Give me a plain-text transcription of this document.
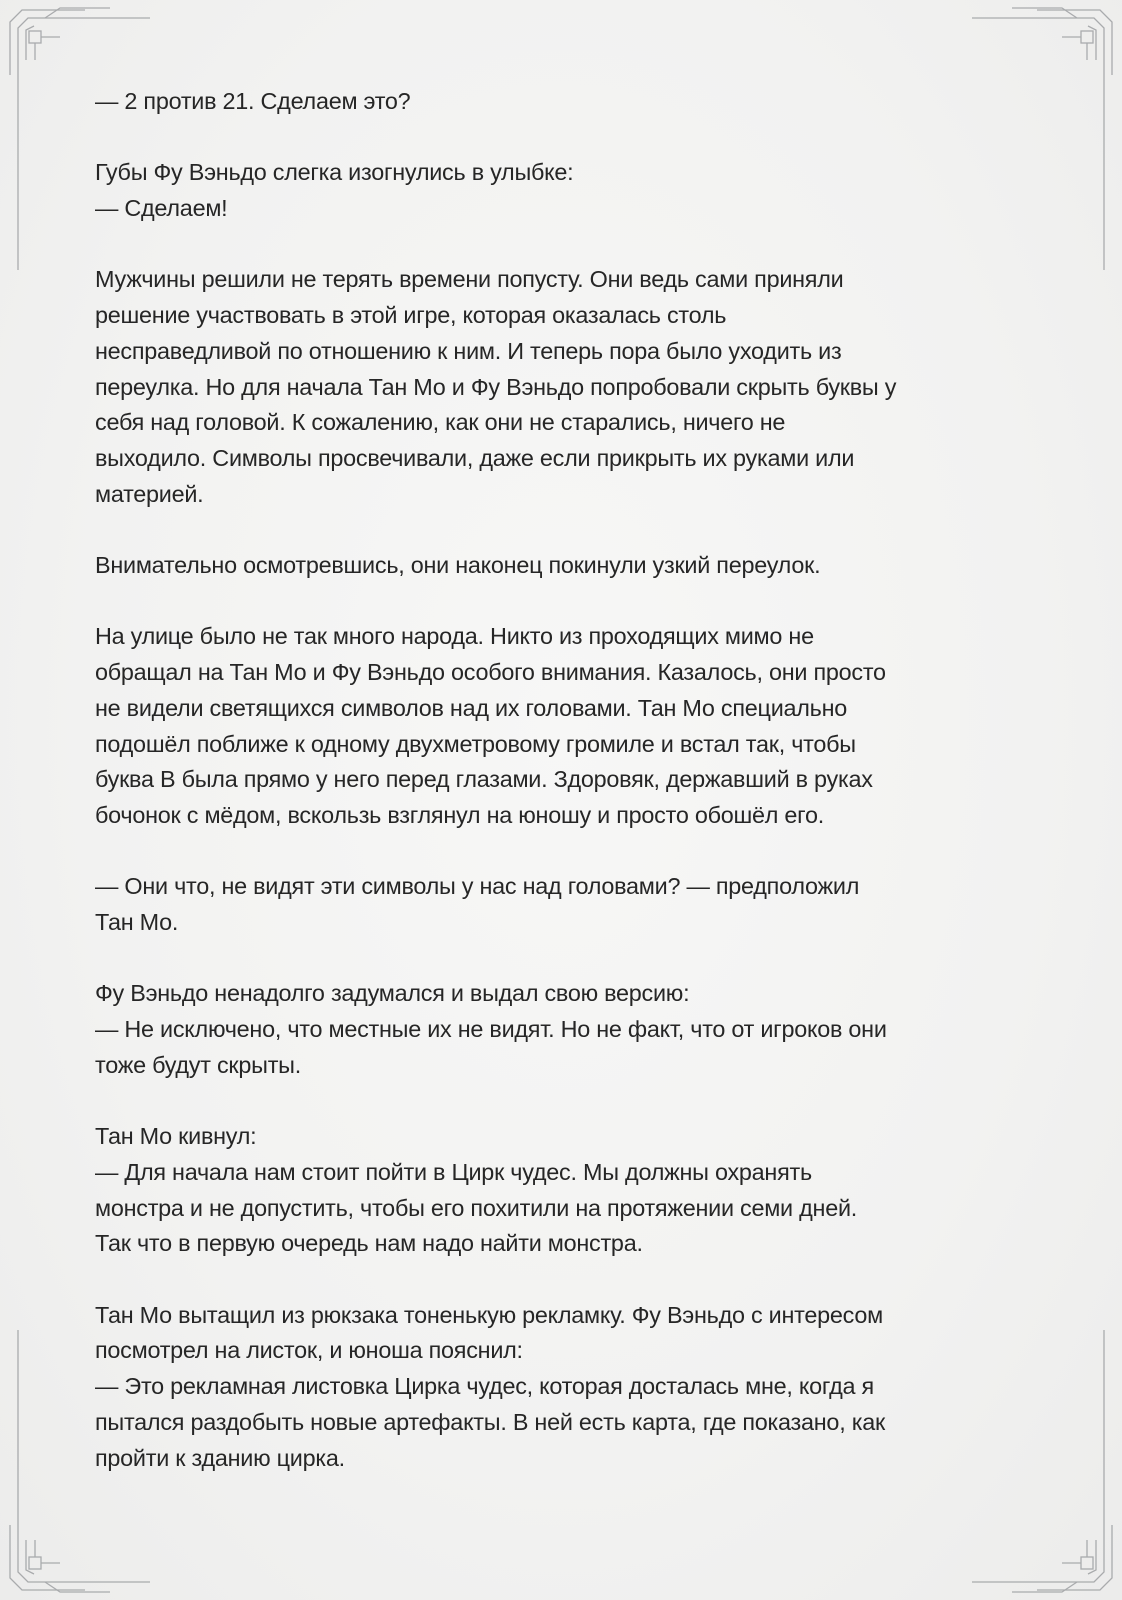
— 2 против 21. Сделаем это?
Губы Фу Вэньдо слегка изогнулись в улыбке:
— Сделаем!
Мужчины решили не терять времени попусту. Они ведь сами приняли
решение участвовать в этой игре, которая оказалась столь
несправедливой по отношению к ним. И теперь пора было уходить из
переулка. Но для начала Тан Мо и Фу Вэньдо попробовали скрыть буквы у
себя над головой. К сожалению, как они не старались, ничего не
выходило. Символы просвечивали, даже если прикрыть их руками или
материей.
Внимательно осмотревшись, они наконец покинули узкий переулок.
На улице было не так много народа. Никто из проходящих мимо не
обращал на Тан Мо и Фу Вэньдо особого внимания. Казалось, они просто
не видели светящихся символов над их головами. Тан Мо специально
подошёл поближе к одному двухметровому громиле и встал так, чтобы
буква В была прямо у него перед глазами. Здоровяк, державший в руках
бочонок с мёдом, вскользь взглянул на юношу и просто обошёл его.
— Они что, не видят эти символы у нас над головами? — предположил
Тан Мо.
Фу Вэньдо ненадолго задумался и выдал свою версию:
— Не исключено, что местные их не видят. Но не факт, что от игроков они
тоже будут скрыты.
Тан Мо кивнул:
— Для начала нам стоит пойти в Цирк чудес. Мы должны охранять
монстра и не допустить, чтобы его похитили на протяжении семи дней.
Так что в первую очередь нам надо найти монстра.
Тан Мо вытащил из рюкзака тоненькую рекламку. Фу Вэньдо с интересом
посмотрел на листок, и юноша пояснил:
— Это рекламная листовка Цирка чудес, которая досталась мне, когда я
пытался раздобыть новые артефакты. В ней есть карта, где показано, как
пройти к зданию цирка.
